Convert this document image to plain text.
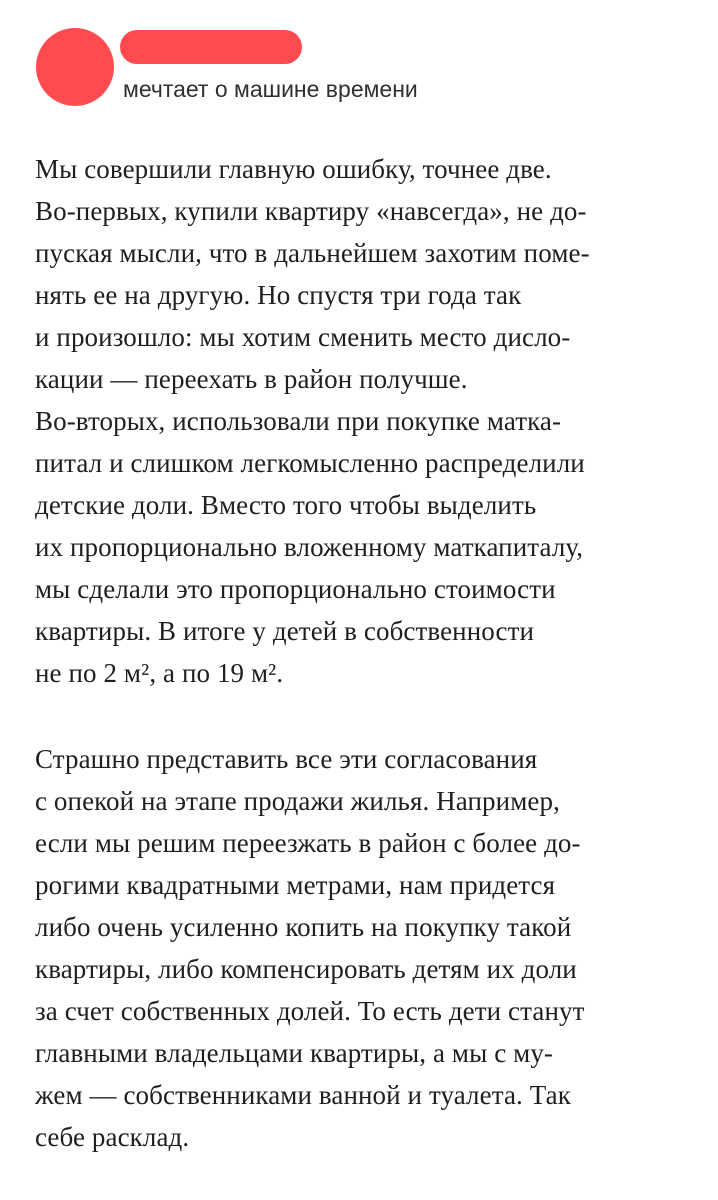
Е
мечтает о машине времени
Мы совершили главную ошибку, точнее две.
Во-первых, купили квартиру «навсегда», не до-
пуская мысли, что в дальнейшем захотим поме-
нять ее на другую. Но спустя три года так
и произошло: мы хотим сменить место дисло-
кации — переехать в район получше.
Во-вторых, использовали при покупке матка-
питал и слишком легкомысленно распределили
детские доли. Вместо того чтобы выделить
их пропорционально вложенному маткапиталу,
мы сделали это пропорционально стоимости
квартиры. В итоге у детей в собственности
не по 2 м², а по 19 м².
Страшно представить все эти согласования
с опекой на этапе продажи жилья. Например,
если мы решим переезжать в район с более до-
рогими квадратными метрами, нам придется
либо очень усиленно копить на покупку такой
квартиры, либо компенсировать детям их доли
за счет собственных долей. То есть дети станут
главными владельцами квартиры, а мы с му-
жем — собственниками ванной и туалета. Так
себе расклад.
